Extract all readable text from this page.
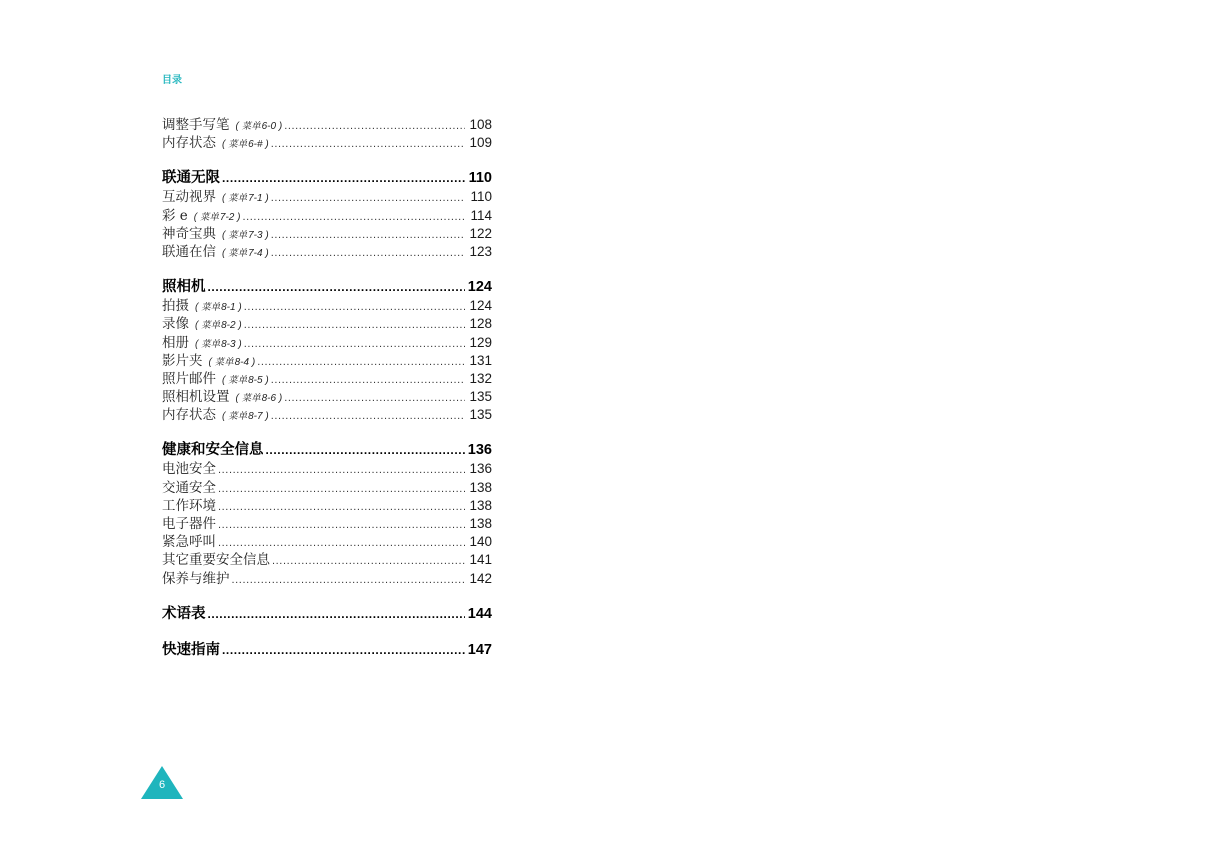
目录
调整手写笔 ( 菜单6-0 ) .....	108
内存状态 ( 菜单6-# ) .....	109
联通无限 .....	110
互动视界 ( 菜单7-1 ) .....	110
彩 e ( 菜单7-2 ) .....	114
神奇宝典 ( 菜单7-3 ) .....	122
联通在信 ( 菜单7-4 ) .....	123
照相机 .....	124
拍摄 ( 菜单8-1 ) .....	124
录像 ( 菜单8-2 ) .....	128
相册 ( 菜单8-3 ) .....	129
影片夹 ( 菜单8-4 ) .....	131
照片邮件 ( 菜单8-5 ) .....	132
照相机设置 ( 菜单8-6 ) .....	135
内存状态 ( 菜单8-7 ) .....	135
健康和安全信息 .....	136
电池安全 .....	136
交通安全 .....	138
工作环境 .....	138
电子器件 .....	138
紧急呼叫 .....	140
其它重要安全信息 .....	141
保养与维护 .....	142
术语表 .....	144
快速指南 .....	147
6
